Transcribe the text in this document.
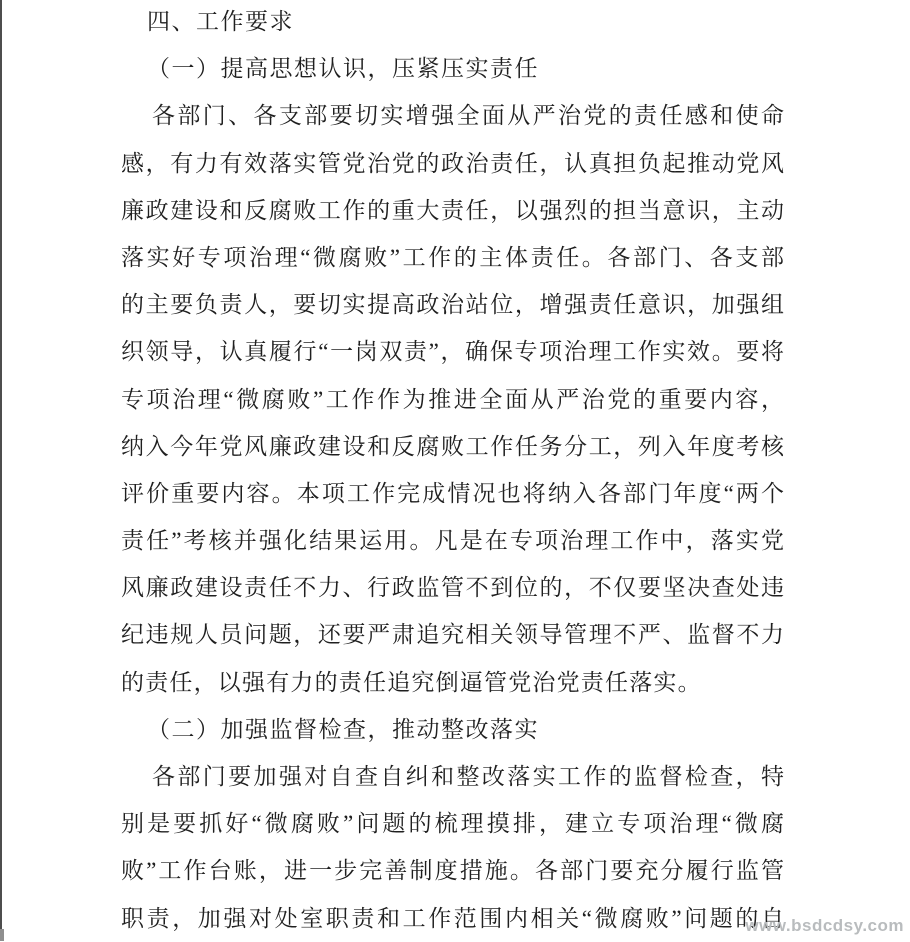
四、工作要求
（一）提高思想认识，压紧压实责任
各部门、各支部要切实增强全面从严治党的责任感和使命
感，有力有效落实管党治党的政治责任，认真担负起推动党风
廉政建设和反腐败工作的重大责任，以强烈的担当意识，主动
落实好专项治理“微腐败”工作的主体责任。各部门、各支部
的主要负责人，要切实提高政治站位，增强责任意识，加强组
织领导，认真履行“一岗双责”，确保专项治理工作实效。要将
专项治理“微腐败”工作作为推进全面从严治党的重要内容，
纳入今年党风廉政建设和反腐败工作任务分工，列入年度考核
评价重要内容。本项工作完成情况也将纳入各部门年度“两个
责任”考核并强化结果运用。凡是在专项治理工作中，落实党
风廉政建设责任不力、行政监管不到位的，不仅要坚决查处违
纪违规人员问题，还要严肃追究相关领导管理不严、监督不力
的责任，以强有力的责任追究倒逼管党治党责任落实。
（二）加强监督检查，推动整改落实
各部门要加强对自查自纠和整改落实工作的监督检查，特
别是要抓好“微腐败”问题的梳理摸排，建立专项治理“微腐
败”工作台账，进一步完善制度措施。各部门要充分履行监管
职责，加强对处室职责和工作范围内相关“微腐败”问题的自
www.bsdcdsy.com
